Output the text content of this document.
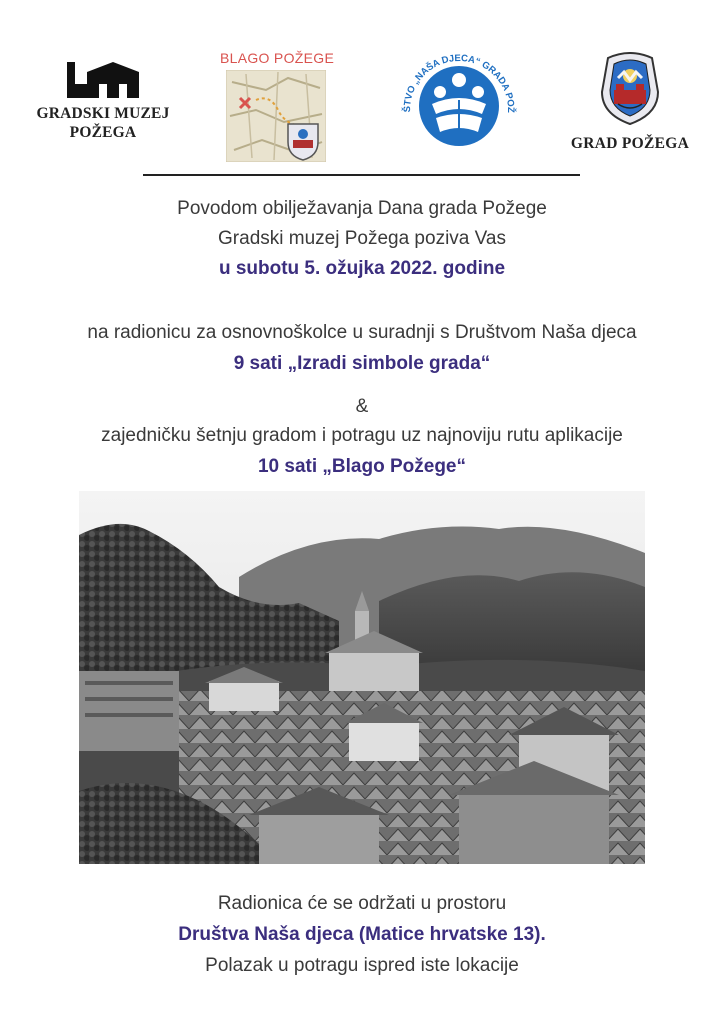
GRADSKI MUZEJ
POŽEGA
BLAGO POŽEGE
ŠTVO „NAŠA DJECA“ GRADA POŽ
GRAD POŽEGA
Povodom obilježavanja Dana grada Požege
Gradski muzej Požega poziva Vas
u subotu 5. ožujka 2022. godine
na radionicu za osnovnoškolce u suradnji s Društvom Naša djeca
9 sati „Izradi simbole grada“
&
zajedničku šetnju gradom i potragu uz najnoviju rutu aplikacije
10 sati „Blago Požege“
Radionica će se održati u prostoru
Društva Naša djeca (Matice hrvatske 13).
Polazak u potragu ispred iste lokacije
